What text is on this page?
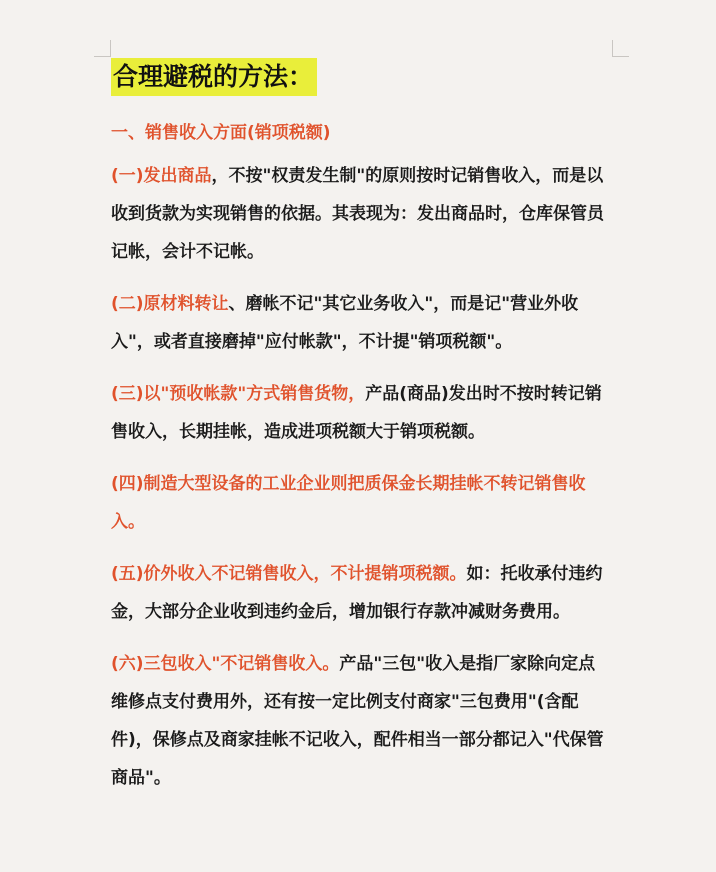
合理避税的方法：
一、销售收入方面(销项税额)
(一)发出商品，不按"权责发生制"的原则按时记销售收入，而是以收到货款为实现销售的依据。其表现为：发出商品时，仓库保管员记帐，会计不记帐。
(二)原材料转让、磨帐不记"其它业务收入"，而是记"营业外收入"，或者直接磨掉"应付帐款"，不计提"销项税额"。
(三)以"预收帐款"方式销售货物，产品(商品)发出时不按时转记销售收入，长期挂帐，造成进项税额大于销项税额。
(四)制造大型设备的工业企业则把质保金长期挂帐不转记销售收入。
(五)价外收入不记销售收入，不计提销项税额。如：托收承付违约金，大部分企业收到违约金后，增加银行存款冲减财务费用。
(六)三包收入"不记销售收入。产品"三包"收入是指厂家除向定点维修点支付费用外，还有按一定比例支付商家"三包费用"(含配件)，保修点及商家挂帐不记收入，配件相当一部分都记入"代保管商品"。
